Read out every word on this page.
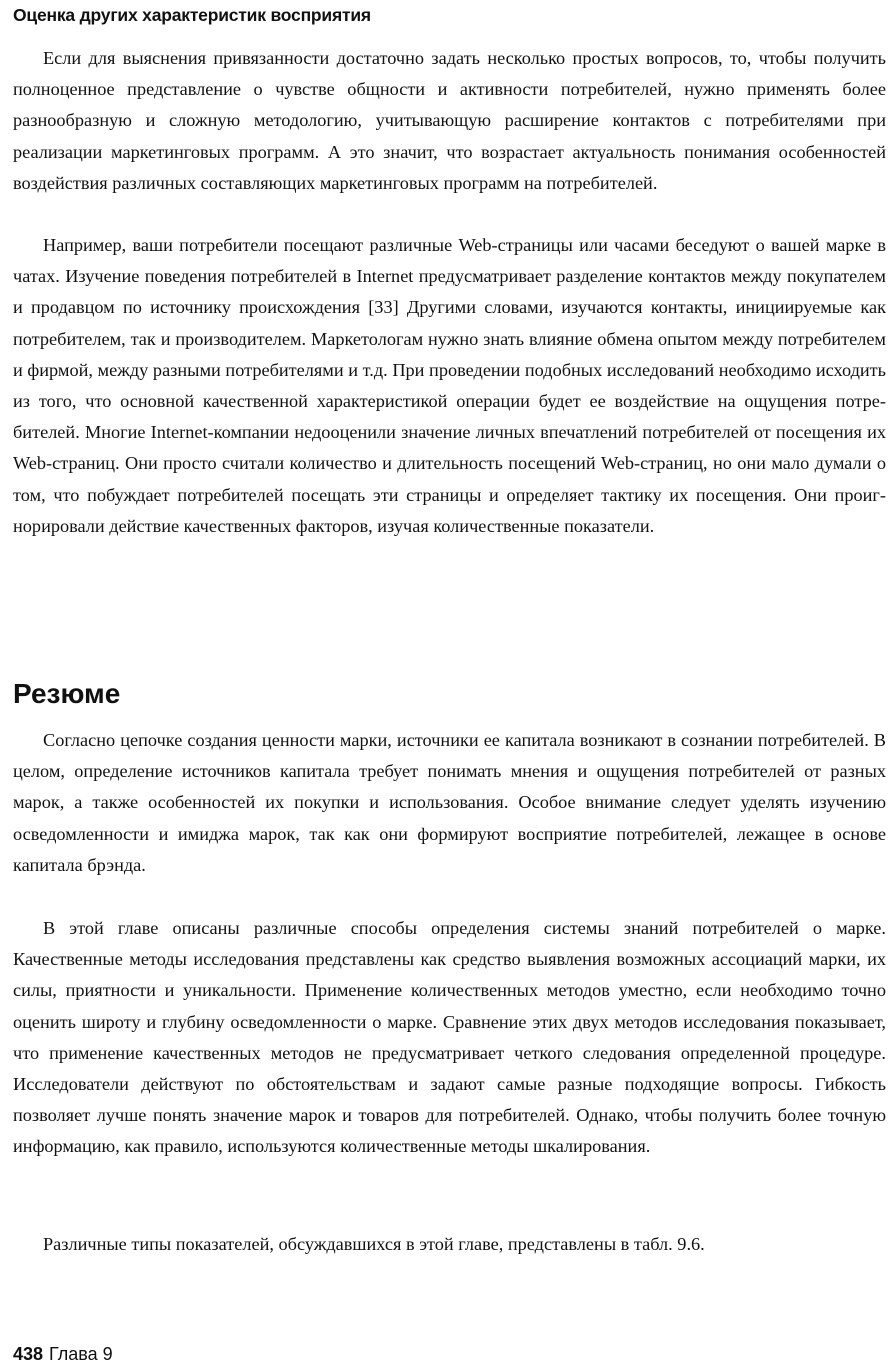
Оценка других характеристик восприятия

Если для выяснения привязанности достаточно задать несколько простых вопросов, то, чтобы получить полноценное представление о чувстве общности и активности потребителей, нужно применять более разнообразную и сложную методологию, учитывающую расширение контактов с потребителями при реализации маркетинговых программ. А это значит, что возрастает актуальность понимания особенностей воздействия различных составляющих маркетинговых программ на потребителей.

Например, ваши потребители посещают различные Web-страницы или часами беседуют о вашей марке в чатах. Изучение поведения потребителей в Internet предусматривает разделение контактов между покупателем и продавцом по источнику происхождения [33] Другими словами, изучаются контакты, инициируемые как потребителем, так и производителем. Маркетологам нужно знать влияние обмена опытом между потребителем и фирмой, между разными потребителями и т.д. При проведении подобных исследований необходимо исходить из того, что основной качественной характеристикой операции будет ее воздействие на ощущения потребителей. Многие Internet-компании недооценили значение личных впечатлений потребителей от посещения их Web-страниц. Они просто считали количество и длительность посещений Web-страниц, но они мало думали о том, что побуждает потребителей посещать эти страницы и определяет тактику их посещения. Они проигнорировали действие качественных факторов, изучая количественные показатели.

Резюме

Согласно цепочке создания ценности марки, источники ее капитала возникают в сознании потребителей. В целом, определение источников капитала требует понимать мнения и ощущения потребителей от разных марок, а также особенностей их покупки и использования. Особое внимание следует уделять изучению осведомленности и имиджа марок, так как они формируют восприятие потребителей, лежащее в основе капитала брэнда.

В этой главе описаны различные способы определения системы знаний потребителей о марке. Качественные методы исследования представлены как средство выявления возможных ассоциаций марки, их силы, приятности и уникальности. Применение количественных методов уместно, если необходимо точно оценить широту и глубину осведомленности о марке. Сравнение этих двух методов исследования показывает, что применение качественных методов не предусматривает четкого следования определенной процедуре. Исследователи действуют по обстоятельствам и задают самые разные подходящие вопросы. Гибкость позволяет лучше понять значение марок и товаров для потребителей. Однако, чтобы получить более точную информацию, как правило, используются количественные методы шкалирования.

Различные типы показателей, обсуждавшихся в этой главе, представлены в табл. 9.6.

438 Глава 9
